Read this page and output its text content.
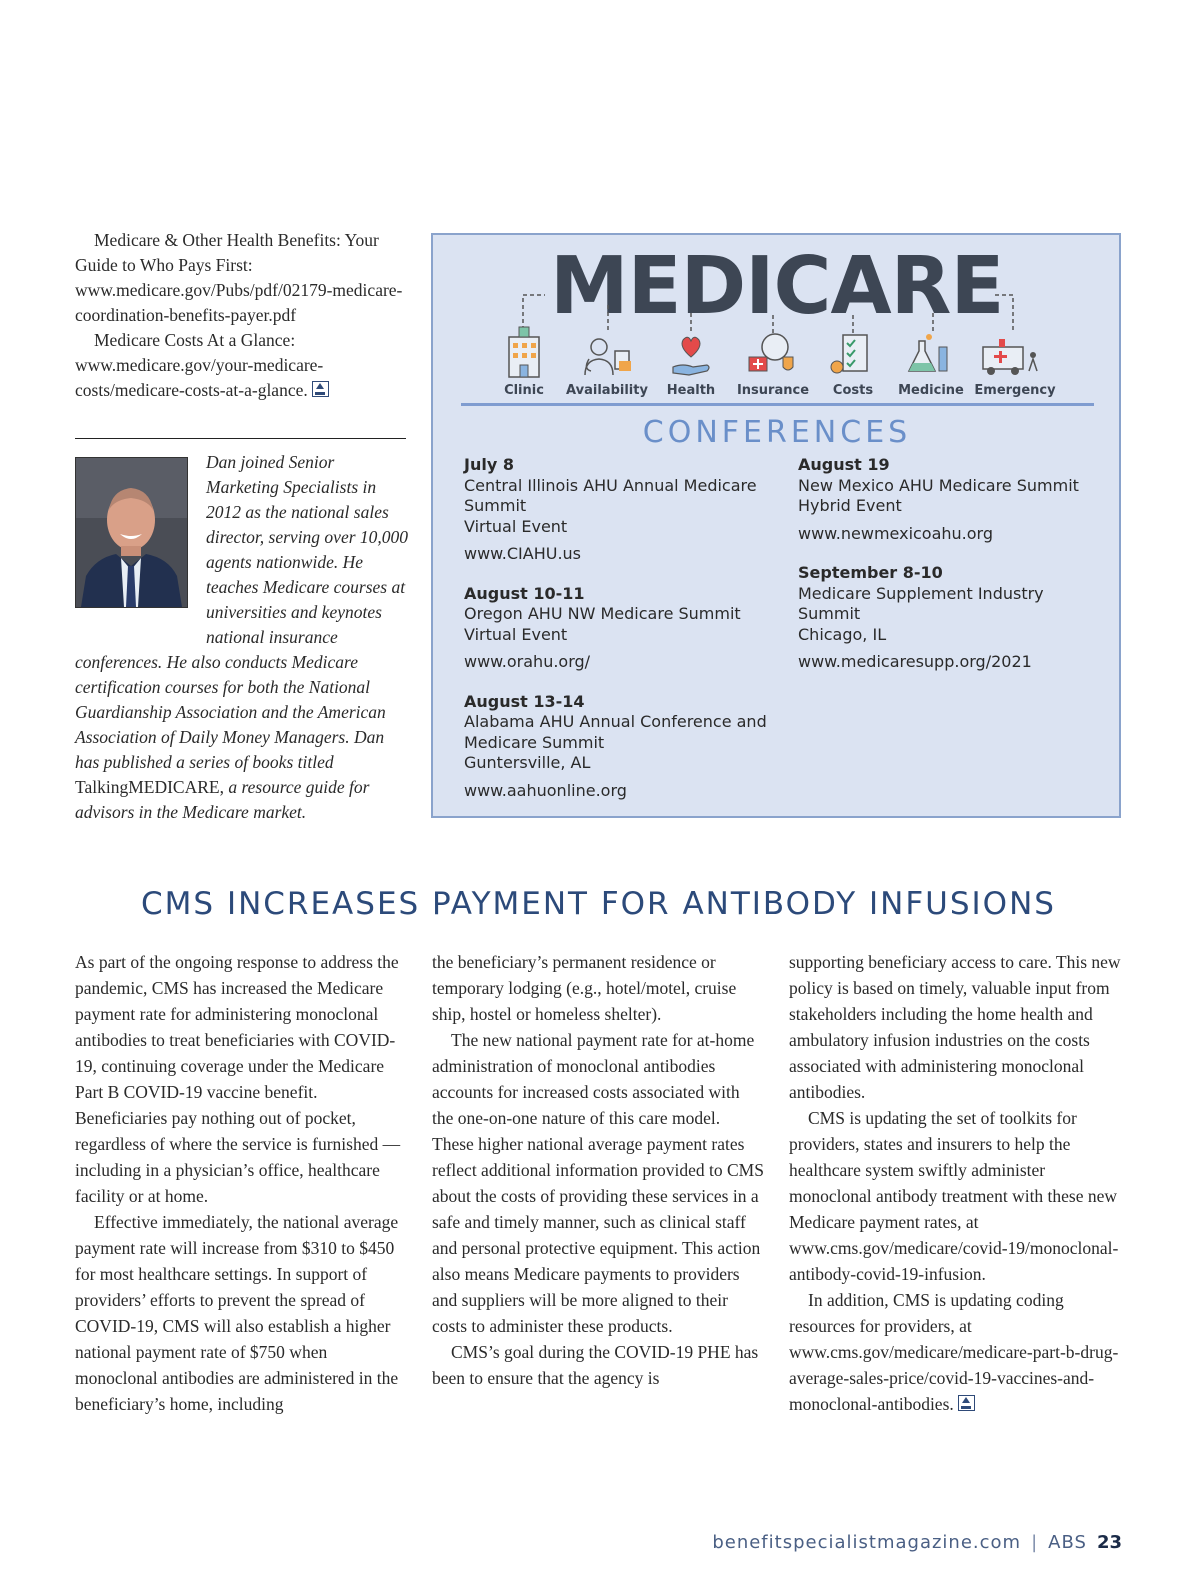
Medicare & Other Health Benefits: Your Guide to Who Pays First: www.medicare.gov/Pubs/pdf/02179-medicare-coordination-benefits-payer.pdf

Medicare Costs At a Glance: www.medicare.gov/your-medicare-costs/medicare-costs-at-a-glance.

Dan joined Senior Marketing Specialists in 2012 as the national sales director, serving over 10,000 agents nationwide. He teaches Medicare courses at universities and keynotes national insurance conferences. He also conducts Medicare certification courses for both the National Guardianship Association and the American Association of Daily Money Managers. Dan has published a series of books titled TalkingMEDICARE, a resource guide for advisors in the Medicare market.
MEDICARE
Clinic	Availability	Health	Insurance	Costs	Medicine Emergency
CONFERENCES
July 8
Central Illinois AHU Annual Medicare Summit
Virtual Event
www.CIAHU.us
August 10-11
Oregon AHU NW Medicare Summit
Virtual Event
www.orahu.org/
August 13-14
Alabama AHU Annual Conference and Medicare Summit
Guntersville, AL
www.aahuonline.org
August 19
New Mexico AHU Medicare Summit
Hybrid Event
www.newmexicoahu.org
September 8-10
Medicare Supplement Industry Summit
Chicago, IL
www.medicaresupp.org/2021
CMS INCREASES PAYMENT FOR ANTIBODY INFUSIONS

As part of the ongoing response to address the pandemic, CMS has increased the Medicare payment rate for administering monoclonal antibodies to treat beneficiaries with COVID-19, continuing coverage under the Medicare Part B COVID-19 vaccine benefit. Beneficiaries pay nothing out of pocket, regardless of where the service is furnished —including in a physician’s office, healthcare facility or at home.

Effective immediately, the national average payment rate will increase from $310 to $450 for most healthcare settings. In support of providers’ efforts to prevent the spread of COVID-19, CMS will also establish a higher national payment rate of $750 when monoclonal antibodies are administered in the beneficiary’s home, including

the beneficiary’s permanent residence or temporary lodging (e.g., hotel/motel, cruise ship, hostel or homeless shelter).

The new national payment rate for at-home administration of monoclonal antibodies accounts for increased costs associated with the one-on-one nature of this care model. These higher national average payment rates reflect additional information provided to CMS about the costs of providing these services in a safe and timely manner, such as clinical staff and personal protective equipment. This action also means Medicare payments to providers and suppliers will be more aligned to their costs to administer these products.

CMS’s goal during the COVID-19 PHE has been to ensure that the agency is

supporting beneficiary access to care. This new policy is based on timely, valuable input from stakeholders including the home health and ambulatory infusion industries on the costs associated with administering monoclonal antibodies.

CMS is updating the set of toolkits for providers, states and insurers to help the healthcare system swiftly administer monoclonal antibody treatment with these new Medicare payment rates, at www.cms.gov/medicare/covid-19/monoclonal-antibody-covid-19-infusion.

In addition, CMS is updating coding resources for providers, at www.cms.gov/medicare/medicare-part-b-drug-average-sales-price/covid-19-vaccines-and-monoclonal-antibodies.

benefitspecialistmagazine.com | ABS 23
